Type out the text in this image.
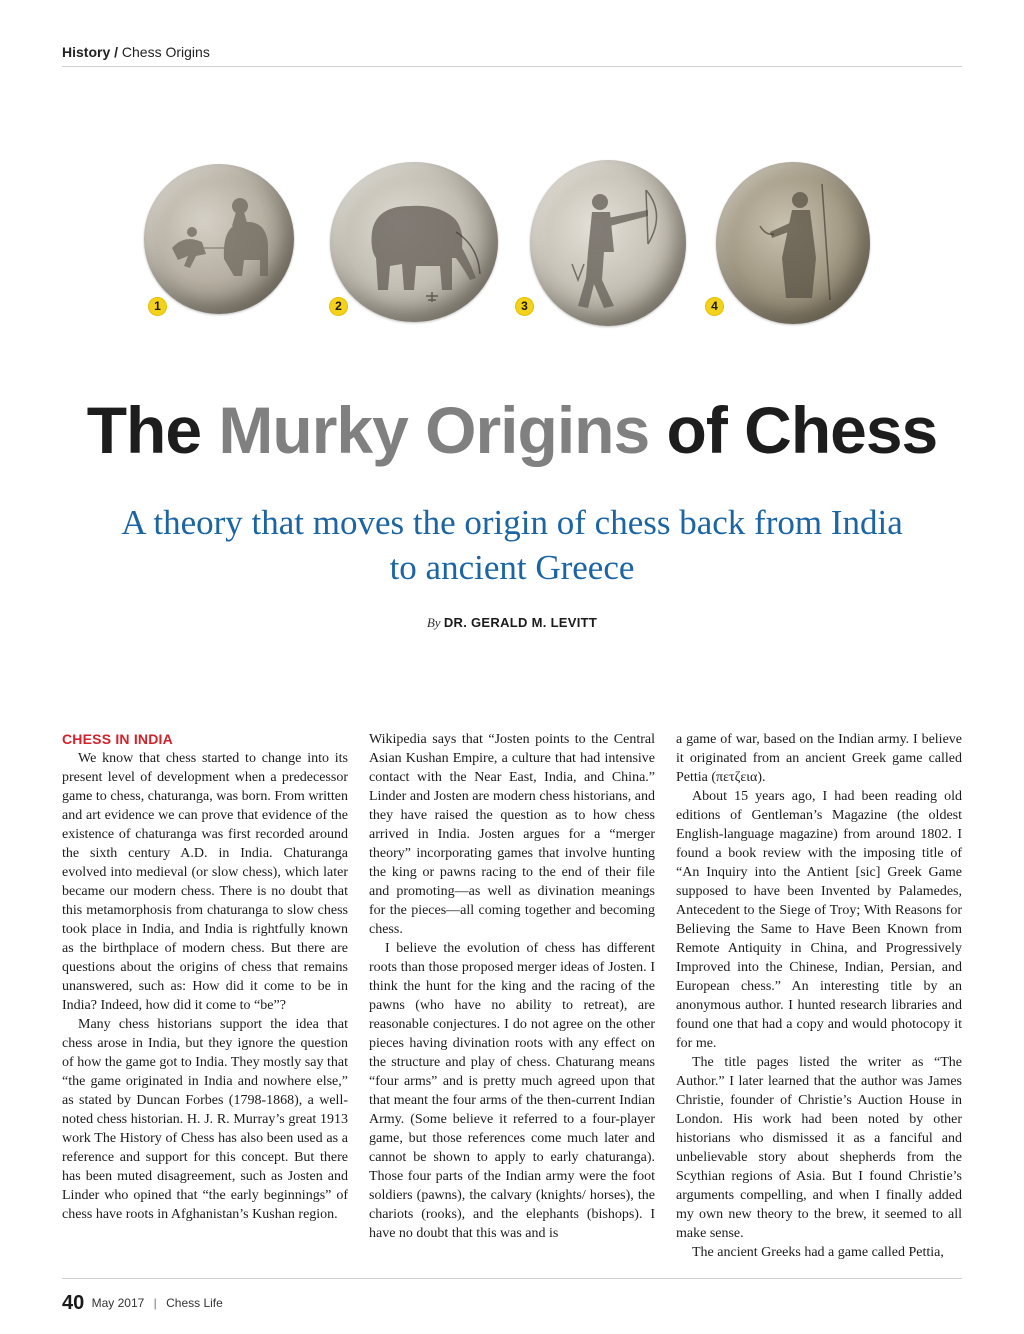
History / Chess Origins
1	2	3	4
The Murky Origins of Chess
A theory that moves the origin of chess back from India to ancient Greece
By DR. GERALD M. LEVITT
CHESS IN INDIA

We know that chess started to change into its present level of development when a predecessor game to chess, chaturanga, was born. From written and art evidence we can prove that evidence of the existence of chaturanga was first recorded around the sixth century A.D. in India. Chaturanga evolved into medieval (or slow chess), which later became our modern chess. There is no doubt that this metamorphosis from chaturanga to slow chess took place in India, and India is rightfully known as the birthplace of modern chess. But there are questions about the origins of chess that remains unanswered, such as: How did it come to be in India? Indeed, how did it come to “be”?

Many chess historians support the idea that chess arose in India, but they ignore the question of how the game got to India. They mostly say that “the game originated in India and nowhere else,” as stated by Duncan Forbes (1798-1868), a well-noted chess historian. H. J. R. Murray’s great 1913 work The History of Chess has also been used as a reference and support for this concept. But there has been muted disagreement, such as Josten and Linder who opined that “the early beginnings” of chess have roots in Afghanistan’s Kushan region.

Wikipedia says that “Josten points to the Central Asian Kushan Empire, a culture that had intensive contact with the Near East, India, and China.” Linder and Josten are modern chess historians, and they have raised the question as to how chess arrived in India. Josten argues for a “merger theory” incorporating games that involve hunting the king or pawns racing to the end of their file and promoting—as well as divination meanings for the pieces—all coming together and becoming chess.

I believe the evolution of chess has different roots than those proposed merger ideas of Josten. I think the hunt for the king and the racing of the pawns (who have no ability to retreat), are reasonable conjectures. I do not agree on the other pieces having divination roots with any effect on the structure and play of chess. Chaturang means “four arms” and is pretty much agreed upon that that meant the four arms of the then-current Indian Army. (Some believe it referred to a four-player game, but those references come much later and cannot be shown to apply to early chaturanga). Those four parts of the Indian army were the foot soldiers (pawns), the calvary (knights/ horses), the chariots (rooks), and the elephants (bishops). I have no doubt that this was and is

a game of war, based on the Indian army. I believe it originated from an ancient Greek game called Pettia (πετζεια).

About 15 years ago, I had been reading old editions of Gentleman’s Magazine (the oldest English-language magazine) from around 1802. I found a book review with the imposing title of “An Inquiry into the Antient [sic] Greek Game supposed to have been Invented by Palamedes, Antecedent to the Siege of Troy; With Reasons for Believing the Same to Have Been Known from Remote Antiquity in China, and Progressively Improved into the Chinese, Indian, Persian, and European chess.” An interesting title by an anonymous author. I hunted research libraries and found one that had a copy and would photocopy it for me.

The title pages listed the writer as “The Author.” I later learned that the author was James Christie, founder of Christie’s Auction House in London. His work had been noted by other historians who dismissed it as a fanciful and unbelievable story about shepherds from the Scythian regions of Asia. But I found Christie’s arguments compelling, and when I finally added my own new theory to the brew, it seemed to all make sense.

The ancient Greeks had a game called Pettia,

40 May 2017 | Chess Life
